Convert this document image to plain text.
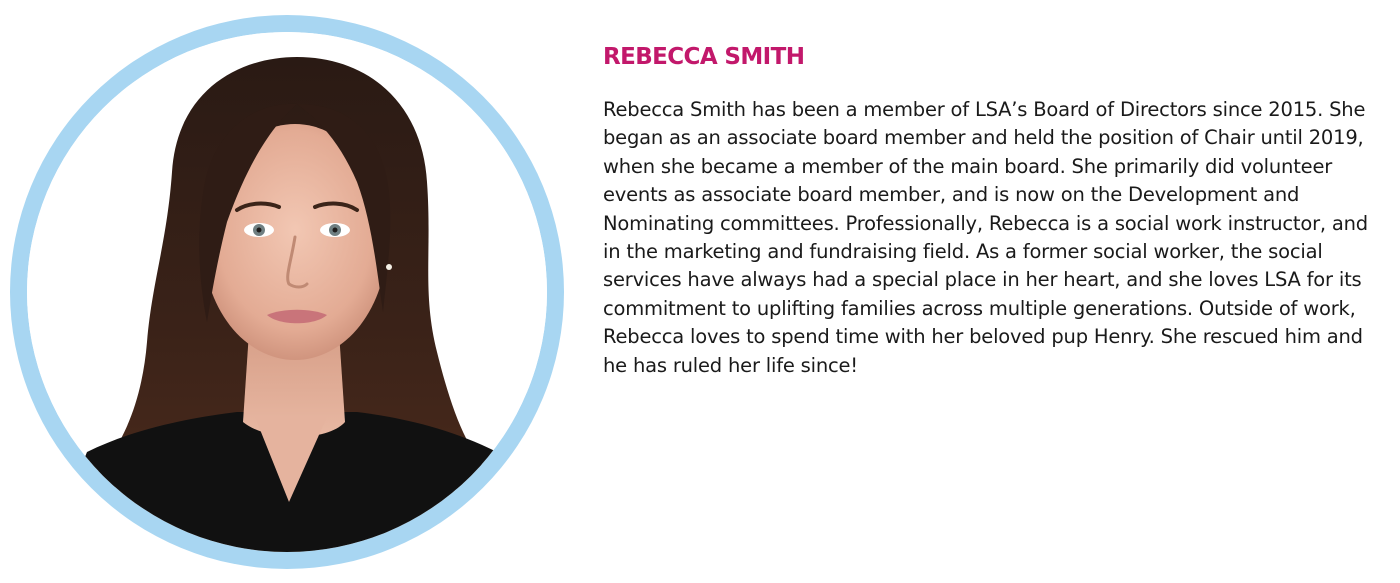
REBECCA SMITH

Rebecca Smith has been a member of LSA’s Board of Directors since 2015. She began as an associate board member and held the position of Chair until 2019, when she became a member of the main board. She primarily did volunteer events as associate board member, and is now on the Development and Nominating committees. Professionally, Rebecca is a social work instructor, and in the marketing and fundraising field. As a former social worker, the social services have always had a special place in her heart, and she loves LSA for its commitment to uplifting families across multiple generations. Outside of work, Rebecca loves to spend time with her beloved pup Henry. She rescued him and he has ruled her life since!
